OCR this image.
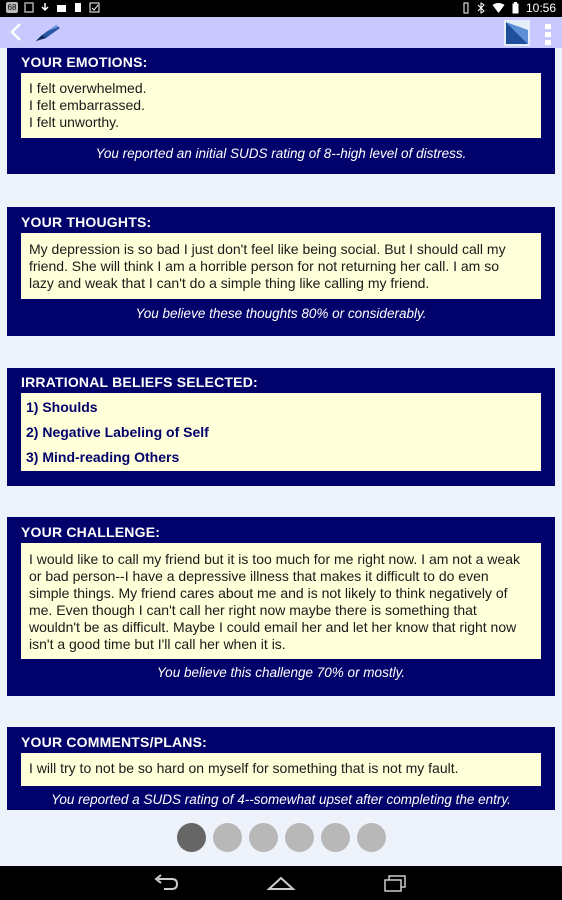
68	10:56
YOUR EMOTIONS:
I felt overwhelmed.
I felt embarrassed.
I felt unworthy.
You reported an initial SUDS rating of 8--high level of distress.
YOUR THOUGHTS:
My depression is so bad I just don't feel like being social. But I should call my
friend. She will think I am a horrible person for not returning her call. I am so
lazy and weak that I can't do a simple thing like calling my friend.
You believe these thoughts 80% or considerably.
IRRATIONAL BELIEFS SELECTED:
1) Shoulds
2) Negative Labeling of Self
3) Mind-reading Others
YOUR CHALLENGE:
I would like to call my friend but it is too much for me right now. I am not a weak
or bad person--I have a depressive illness that makes it difficult to do even
simple things. My friend cares about me and is not likely to think negatively of
me. Even though I can't call her right now maybe there is something that
wouldn't be as difficult. Maybe I could email her and let her know that right now
isn't a good time but I'll call her when it is.
You believe this challenge 70% or mostly.
YOUR COMMENTS/PLANS:
I will try to not be so hard on myself for something that is not my fault.
You reported a SUDS rating of 4--somewhat upset after completing the entry.
